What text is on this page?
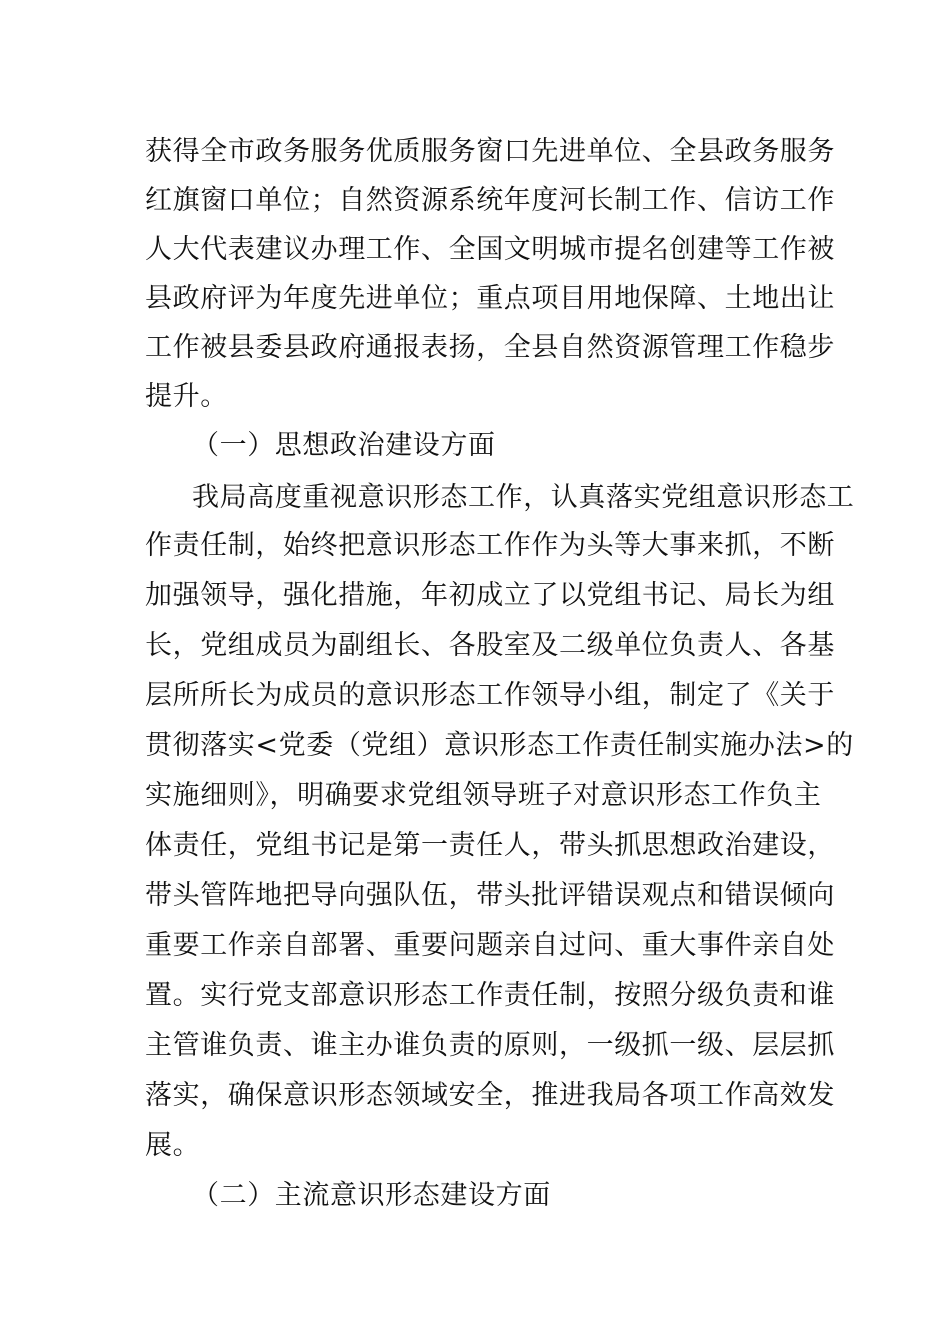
获得全市政务服务优质服务窗口先进单位、全县政务服务
红旗窗口单位；自然资源系统年度河长制工作、信访工作
人大代表建议办理工作、全国文明城市提名创建等工作被
县政府评为年度先进单位；重点项目用地保障、土地出让
工作被县委县政府通报表扬，全县自然资源管理工作稳步
提升。
（一）思想政治建设方面
我局高度重视意识形态工作，认真落实党组意识形态工
作责任制，始终把意识形态工作作为头等大事来抓，不断
加强领导，强化措施，年初成立了以党组书记、局长为组
长，党组成员为副组长、各股室及二级单位负责人、各基
层所所长为成员的意识形态工作领导小组，制定了《关于
贯彻落实<党委（党组）意识形态工作责任制实施办法>的
实施细则》，明确要求党组领导班子对意识形态工作负主
体责任，党组书记是第一责任人，带头抓思想政治建设，
带头管阵地把导向强队伍，带头批评错误观点和错误倾向
重要工作亲自部署、重要问题亲自过问、重大事件亲自处
置。实行党支部意识形态工作责任制，按照分级负责和谁
主管谁负责、谁主办谁负责的原则，一级抓一级、层层抓
落实，确保意识形态领域安全，推进我局各项工作高效发
展。
（二）主流意识形态建设方面
